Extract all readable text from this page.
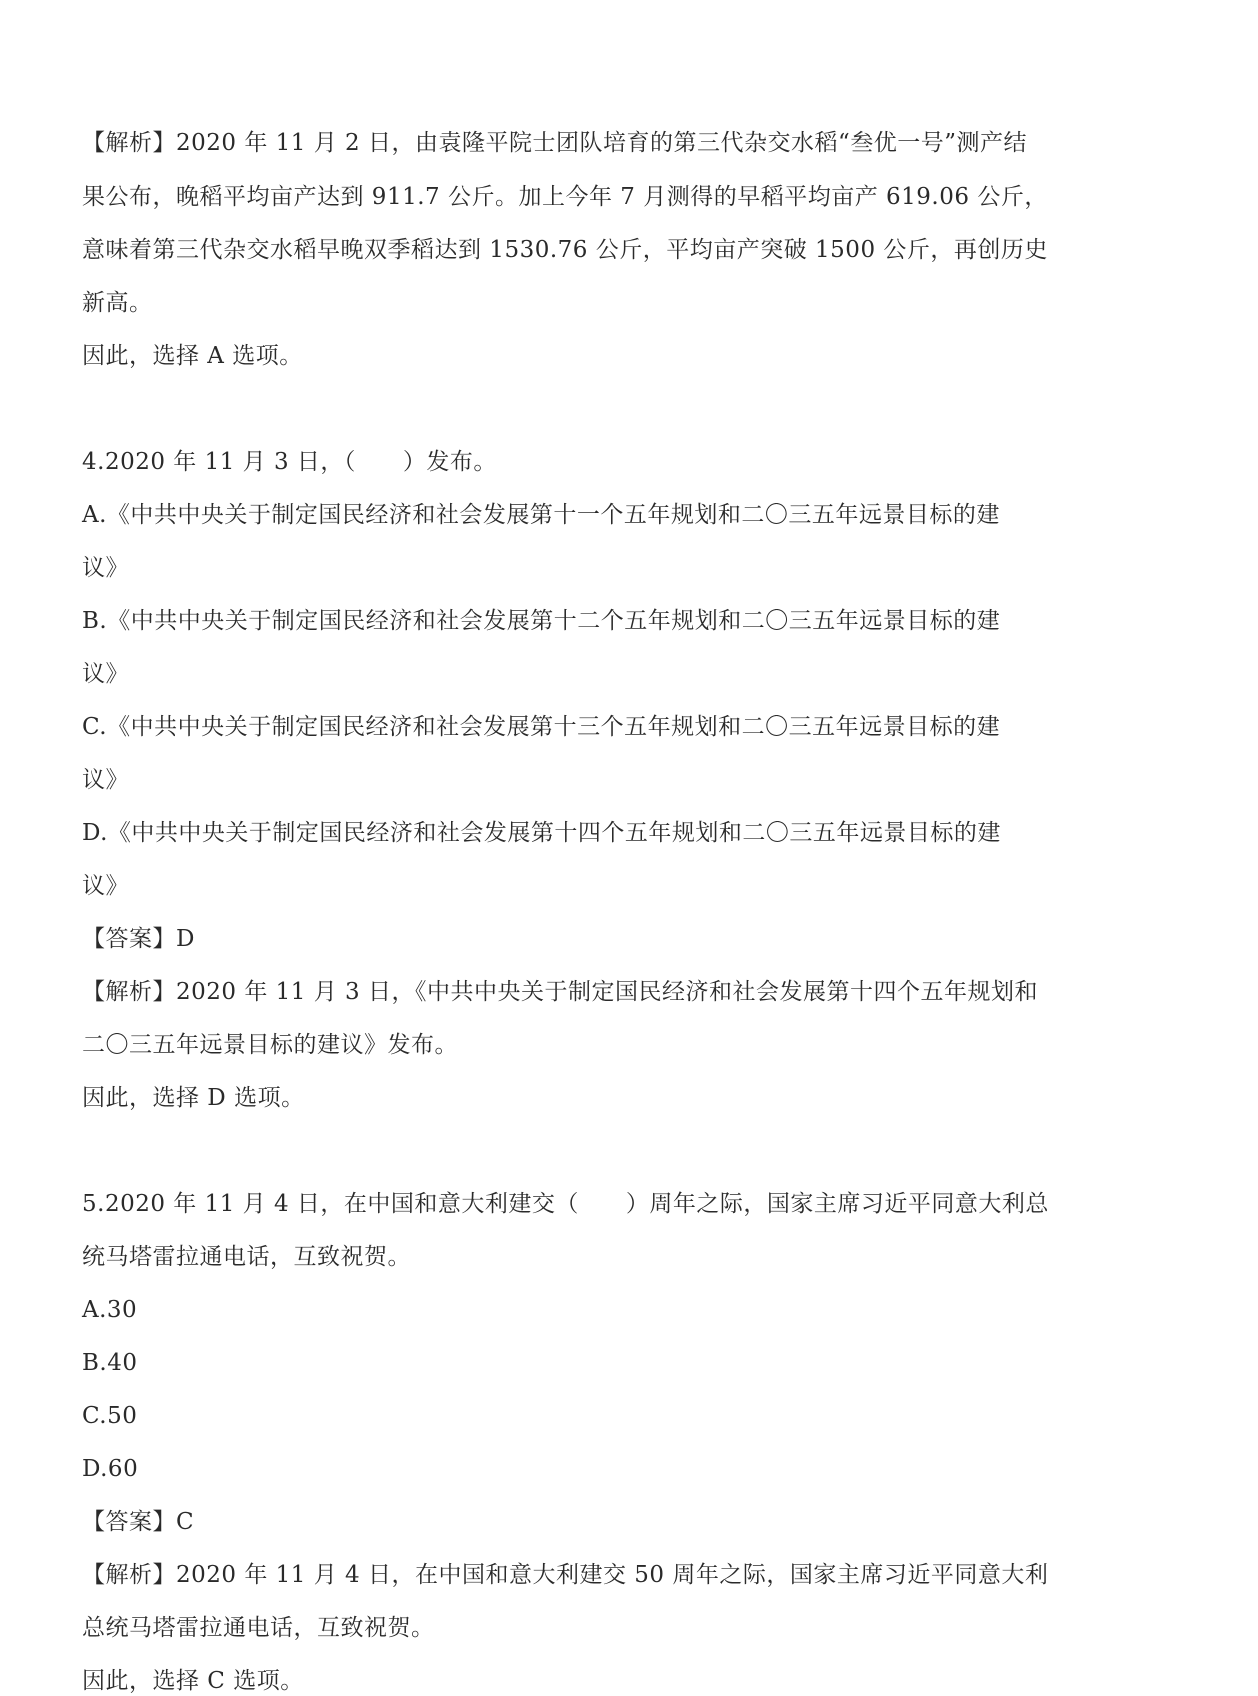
【解析】2020 年 11 月 2 日，由袁隆平院士团队培育的第三代杂交水稻“叁优一号”测产结
果公布，晚稻平均亩产达到 911.7 公斤。加上今年 7 月测得的早稻平均亩产 619.06 公斤，
意味着第三代杂交水稻早晚双季稻达到 1530.76 公斤，平均亩产突破 1500 公斤，再创历史
新高。
因此，选择 A 选项。
4.2020 年 11 月 3 日，（　　）发布。
A.《中共中央关于制定国民经济和社会发展第十一个五年规划和二〇三五年远景目标的建
议》
B.《中共中央关于制定国民经济和社会发展第十二个五年规划和二〇三五年远景目标的建
议》
C.《中共中央关于制定国民经济和社会发展第十三个五年规划和二〇三五年远景目标的建
议》
D.《中共中央关于制定国民经济和社会发展第十四个五年规划和二〇三五年远景目标的建
议》
【答案】D
【解析】2020 年 11 月 3 日，《中共中央关于制定国民经济和社会发展第十四个五年规划和
二〇三五年远景目标的建议》发布。
因此，选择 D 选项。
5.2020 年 11 月 4 日，在中国和意大利建交（　　）周年之际，国家主席习近平同意大利总
统马塔雷拉通电话，互致祝贺。
A.30
B.40
C.50
D.60
【答案】C
【解析】2020 年 11 月 4 日，在中国和意大利建交 50 周年之际，国家主席习近平同意大利
总统马塔雷拉通电话，互致祝贺。
因此，选择 C 选项。
